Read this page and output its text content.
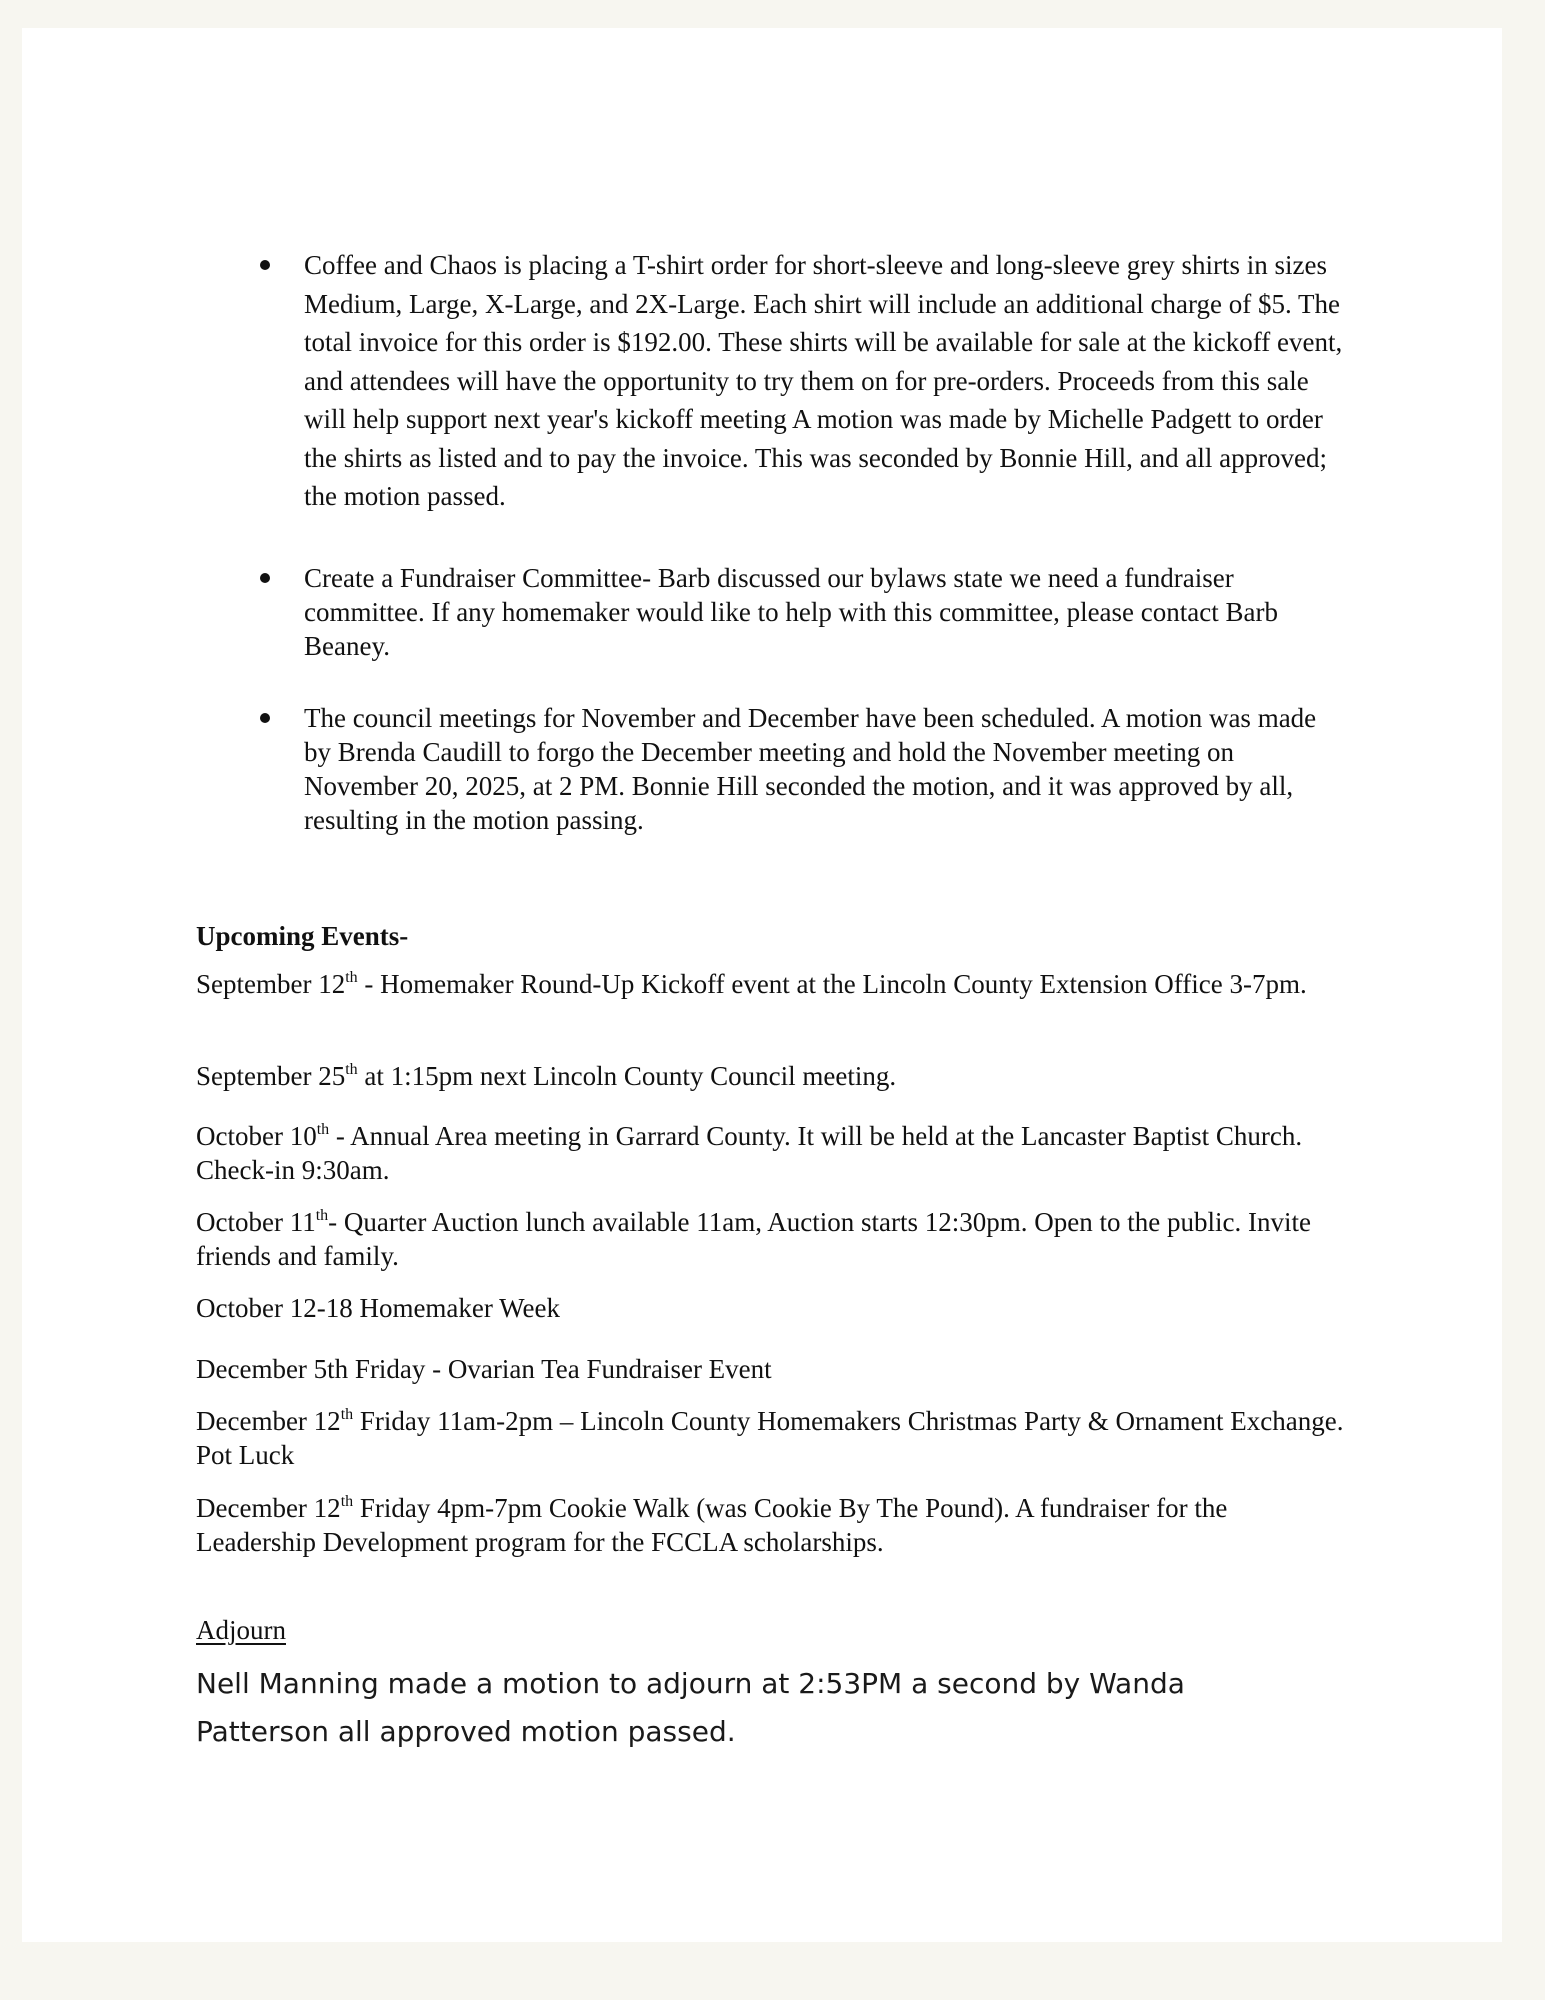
Coffee and Chaos is placing a T-shirt order for short-sleeve and long-sleeve grey shirts in sizes Medium, Large, X-Large, and 2X-Large. Each shirt will include an additional charge of $5. The total invoice for this order is $192.00. These shirts will be available for sale at the kickoff event, and attendees will have the opportunity to try them on for pre-orders. Proceeds from this sale will help support next year's kickoff meeting A motion was made by Michelle Padgett to order the shirts as listed and to pay the invoice. This was seconded by Bonnie Hill, and all approved; the motion passed.

Create a Fundraiser Committee- Barb discussed our bylaws state we need a fundraiser committee. If any homemaker would like to help with this committee, please contact Barb Beaney.

The council meetings for November and December have been scheduled. A motion was made by Brenda Caudill to forgo the December meeting and hold the November meeting on November 20, 2025, at 2 PM. Bonnie Hill seconded the motion, and it was approved by all, resulting in the motion passing.

Upcoming Events-

September 12th - Homemaker Round-Up Kickoff event at the Lincoln County Extension Office 3-7pm.

September 25th at 1:15pm next Lincoln County Council meeting.

October 10th - Annual Area meeting in Garrard County. It will be held at the Lancaster Baptist Church. Check-in 9:30am.

October 11th- Quarter Auction lunch available 11am, Auction starts 12:30pm. Open to the public. Invite friends and family.

October 12-18 Homemaker Week

December 5th Friday - Ovarian Tea Fundraiser Event

December 12th Friday 11am-2pm – Lincoln County Homemakers Christmas Party & Ornament Exchange. Pot Luck

December 12th Friday 4pm-7pm Cookie Walk (was Cookie By The Pound). A fundraiser for the Leadership Development program for the FCCLA scholarships.

Adjourn

Nell Manning made a motion to adjourn at 2:53PM a second by Wanda Patterson all approved motion passed.
